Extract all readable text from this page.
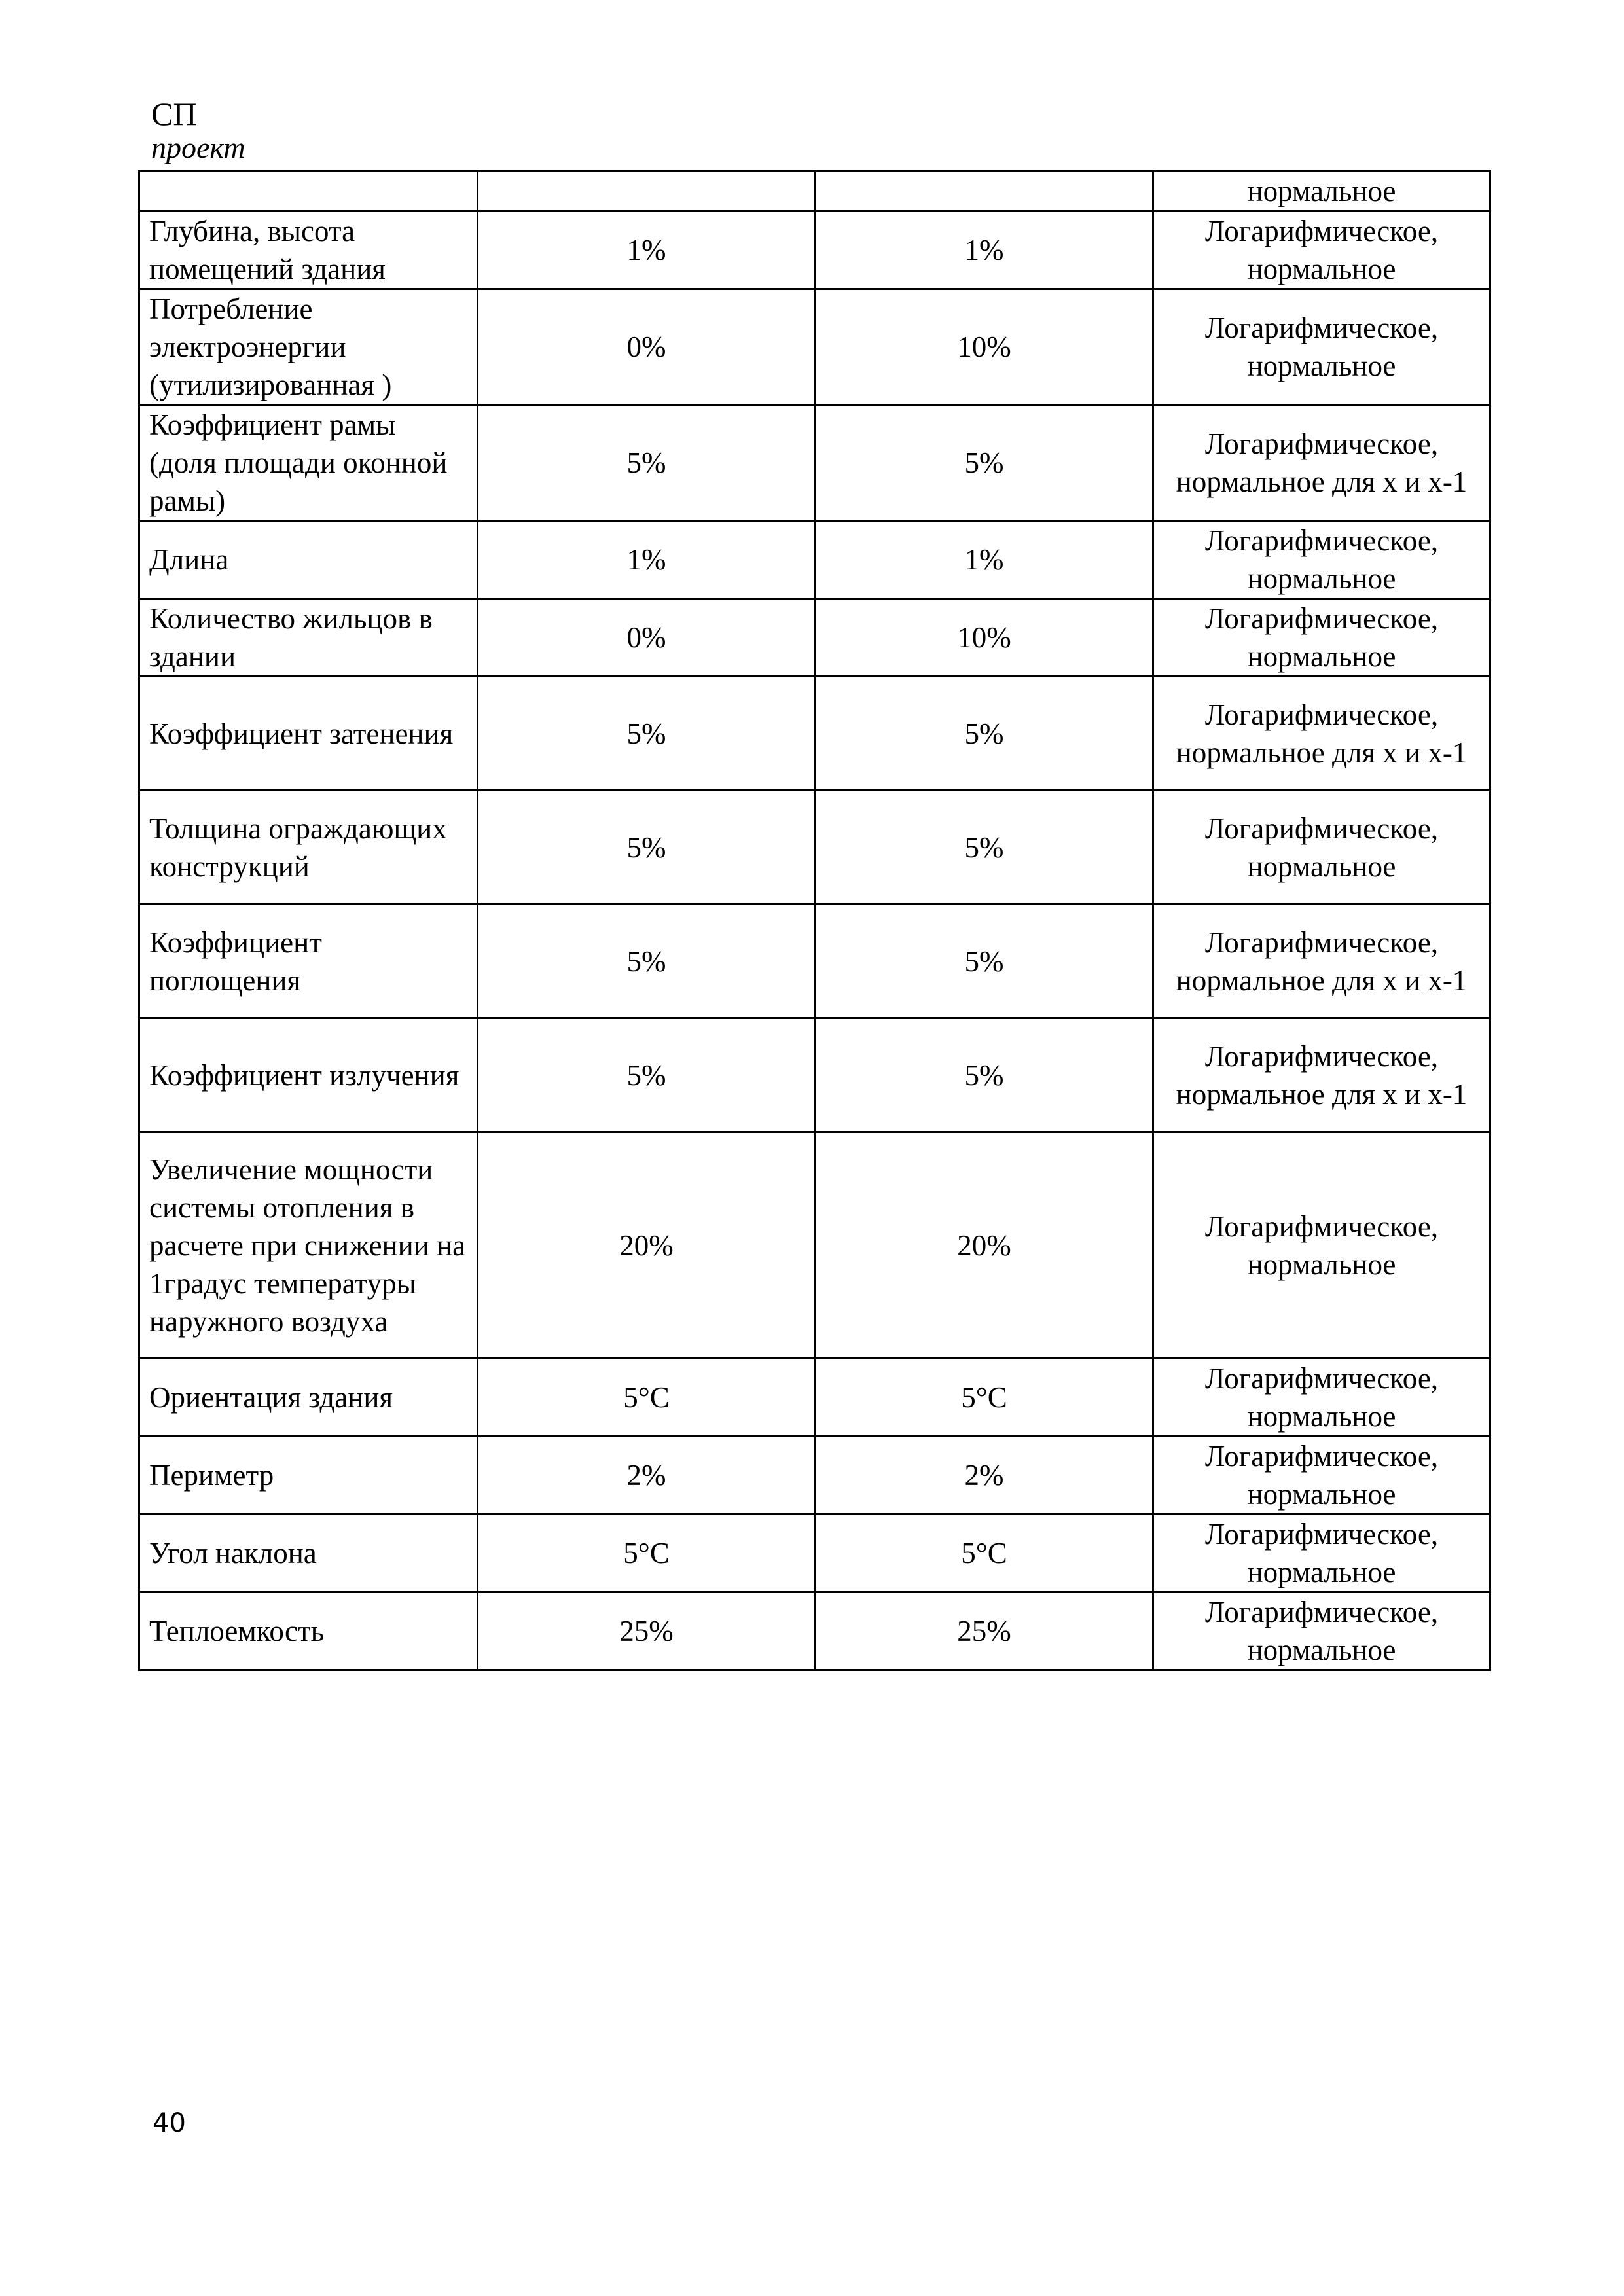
СП
проект
			нормальное
Глубина, высота помещений здания	1%	1%	Логарифмическое, нормальное
Потребление электроэнергии (утилизированная )	0%	10%	Логарифмическое, нормальное
Коэффициент рамы (доля площади оконной рамы)	5%	5%	Логарифмическое, нормальное для x и x-1
Длина	1%	1%	Логарифмическое, нормальное
Количество жильцов в здании	0%	10%	Логарифмическое, нормальное
Коэффициент затенения	5%	5%	Логарифмическое, нормальное для x и x-1
Толщина ограждающих конструкций	5%	5%	Логарифмическое, нормальное
Коэффициент поглощения	5%	5%	Логарифмическое, нормальное для x и x-1
Коэффициент излучения	5%	5%	Логарифмическое, нормальное для x и x-1
Увеличение мощности системы отопления в расчете при снижении на 1градус температуры наружного воздуха	20%	20%	Логарифмическое, нормальное
Ориентация здания	5°C	5°C	Логарифмическое, нормальное
Периметр	2%	2%	Логарифмическое, нормальное
Угол наклона	5°C	5°C	Логарифмическое, нормальное
Теплоемкость	25%	25%	Логарифмическое, нормальное
40
